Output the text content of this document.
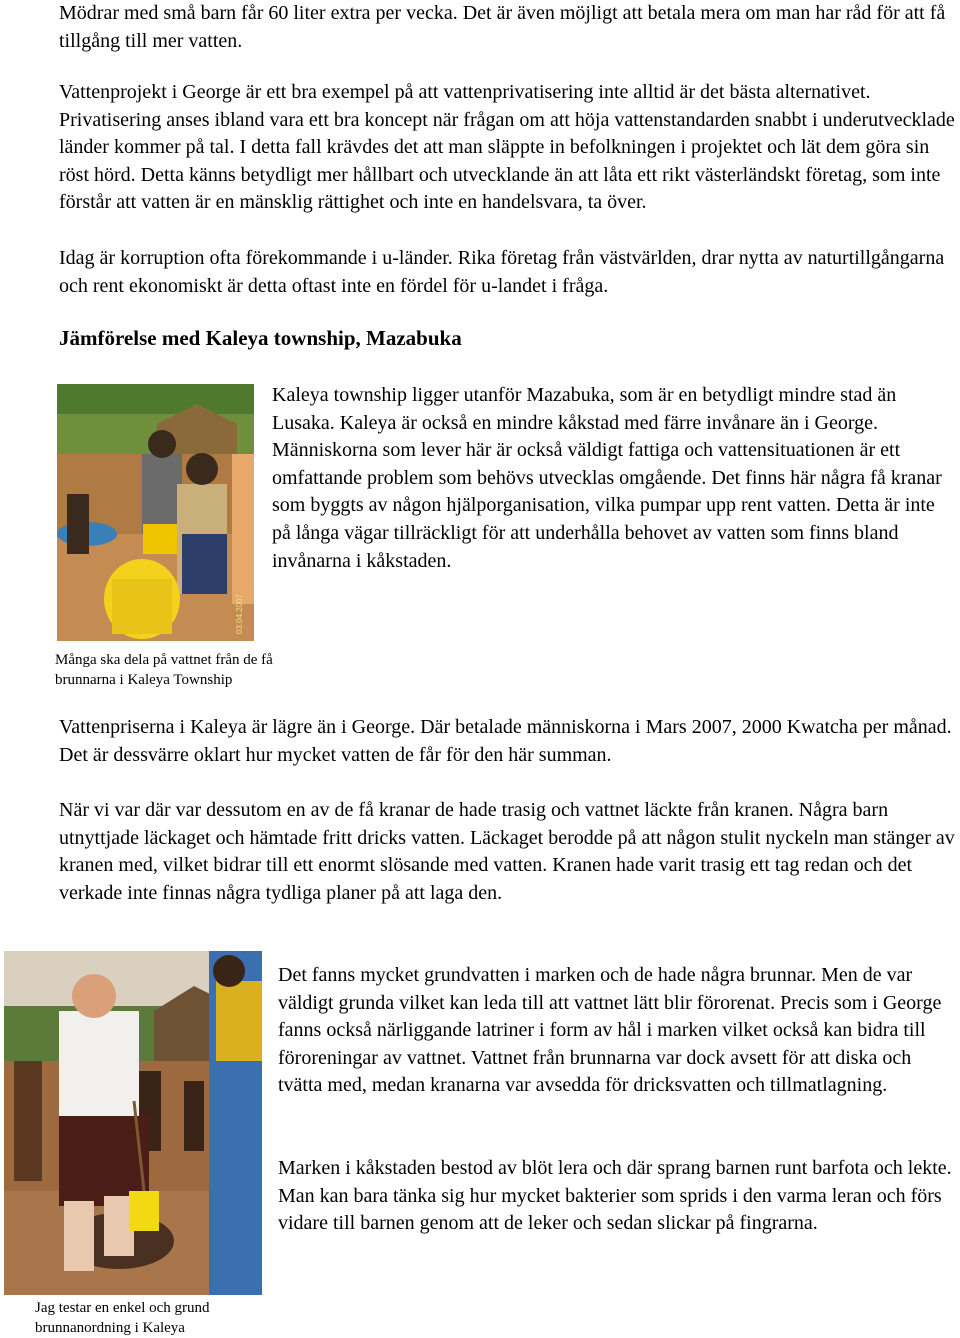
Mödrar med små barn får 60 liter extra per vecka. Det är även möjligt att betala mera om man har råd för att få tillgång till mer vatten.

Vattenprojekt i George är ett bra exempel på att vattenprivatisering inte alltid är det bästa alternativet. Privatisering anses ibland vara ett bra koncept när frågan om att höja vattenstandarden snabbt i underutvecklade länder kommer på tal. I detta fall krävdes det att man släppte in befolkningen i projektet och lät dem göra sin röst hörd. Detta känns betydligt mer hållbart och utvecklande än att låta ett rikt västerländskt företag, som inte förstår att vatten är en mänsklig rättighet och inte en handelsvara, ta över.

Idag är korruption ofta förekommande i u-länder. Rika företag från västvärlden, drar nytta av naturtillgångarna och rent ekonomiskt är detta oftast inte en fördel för u-landet i fråga.

Jämförelse med Kaleya township, Mazabuka
03.04.2007

Kaleya township ligger utanför Mazabuka, som är en betydligt mindre stad än Lusaka. Kaleya är också en mindre kåkstad med färre invånare än i George. Människorna som lever här är också väldigt fattiga och vattensituationen är ett omfattande problem som behövs utvecklas omgående. Det finns här några få kranar som byggts av någon hjälporganisation, vilka pumpar upp rent vatten. Detta är inte på långa vägar tillräckligt för att underhålla behovet av vatten som finns bland invånarna i kåkstaden.

Många ska dela på vattnet från de få brunnarna i Kaleya Township

Vattenpriserna i Kaleya är lägre än i George. Där betalade människorna i Mars 2007, 2000 Kwatcha per månad. Det är dessvärre oklart hur mycket vatten de får för den här summan.

När vi var där var dessutom en av de få kranar de hade trasig och vattnet läckte från kranen. Några barn utnyttjade läckaget och hämtade fritt dricks vatten. Läckaget berodde på att någon stulit nyckeln man stänger av kranen med, vilket bidrar till ett enormt slösande med vatten. Kranen hade varit trasig ett tag redan och det verkade inte finnas några tydliga planer på att laga den.

Det fanns mycket grundvatten i marken och de hade några brunnar. Men de var väldigt grunda vilket kan leda till att vattnet lätt blir förorenat. Precis som i George fanns också närliggande latriner i form av hål i marken vilket också kan bidra till föroreningar av vattnet. Vattnet från brunnarna var dock avsett för att diska och tvätta med, medan kranarna var avsedda för dricksvatten och tillmatlagning.

Marken i kåkstaden bestod av blöt lera och där sprang barnen runt barfota och lekte. Man kan bara tänka sig hur mycket bakterier som sprids i den varma leran och förs vidare till barnen genom att de leker och sedan slickar på fingrarna.

Jag testar en enkel och grund brunnanordning i Kaleya
